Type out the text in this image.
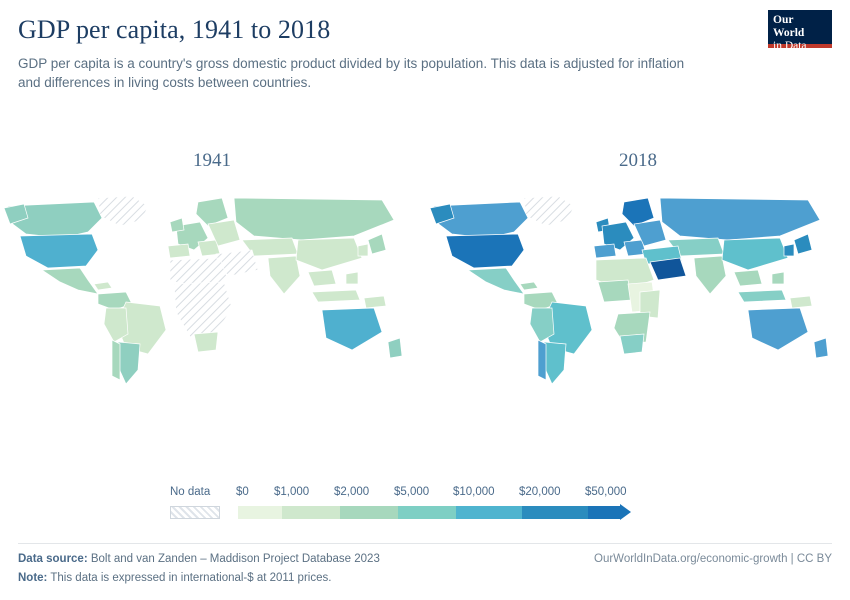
GDP per capita, 1941 to 2018
GDP per capita is a country's gross domestic product divided by its population. This data is adjusted for inflation and differences in living costs between countries.
Our World
in Data
1941	2018
No data $0 $1,000 $2,000 $5,000 $10,000 $20,000 $50,000
Data source: Bolt and van Zanden – Maddison Project Database 2023	OurWorldInData.org/economic-growth | CC BY
Note: This data is expressed in international-$ at 2011 prices.
